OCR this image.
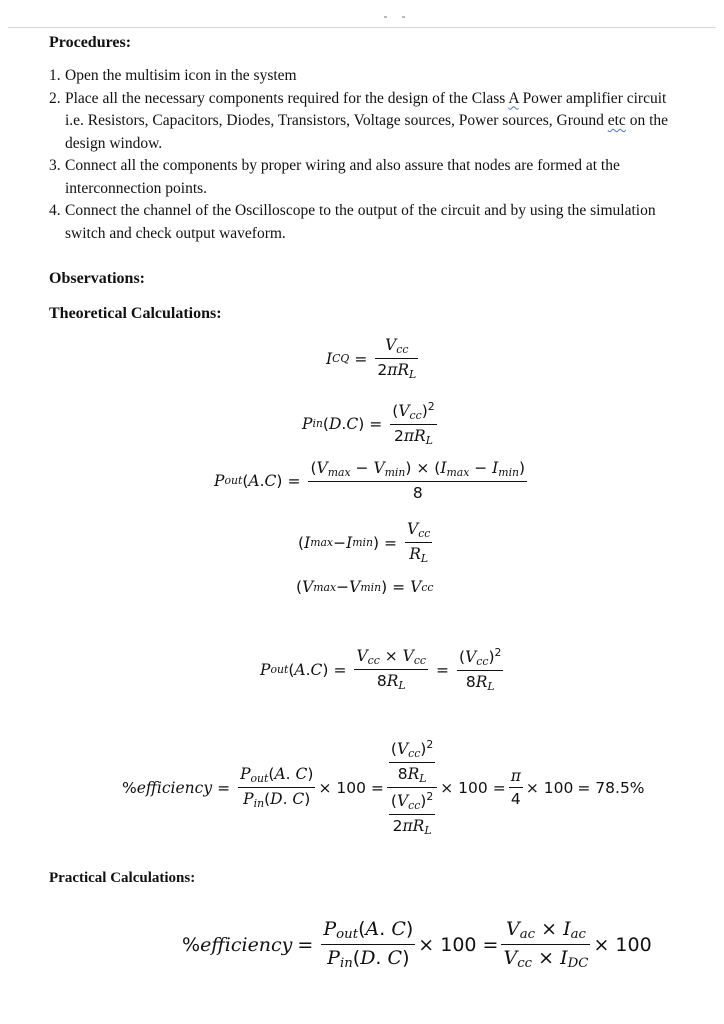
Procedures:
1. Open the multisim icon in the system
2. Place all the necessary components required for the design of the Class A Power amplifier circuit i.e. Resistors, Capacitors, Diodes, Transistors, Voltage sources, Power sources, Ground etc on the design window.
3. Connect all the components by proper wiring and also assure that nodes are formed at the interconnection points.
4. Connect the channel of the Oscilloscope to the output of the circuit and by using the simulation switch and check output waveform.
Observations:
Theoretical Calculations:
I CQ = $\frac{V_{cc}}{2\pi R_L}$
P in ( D . C ) = $\frac{(V_{cc})^2}{2\pi R_L}$
P out ( A . C ) = $\frac{(V_{max} - V_{min}) \times (I_{max} - I_{min})}{8}$
( I max − I min ) = $\frac{V_{cc}}{R_L}$
( V max − V min ) = V cc
P out ( A . C ) = $\frac{V_{cc} \times V_{cc}}{8R_L} = \frac{(V_{cc})^2}{8R_L}$
% efficiency = $\frac{P_{out}(A. C)}{P_{in}(D. C)} \times 100 = \frac{\frac{(V_{cc})^2}{8R_L}}{\frac{(V_{cc})^2}{2\pi R_L}} \times 100 = \frac{\pi}{4} \times 100 = 78.5\%$
Practical Calculations:
% efficiency = $\frac{P_{out}(A. C)}{P_{in}(D. C)} \times 100 = \frac{V_{ac} \times I_{ac}}{V_{cc} \times I_{DC}} \times 100$
